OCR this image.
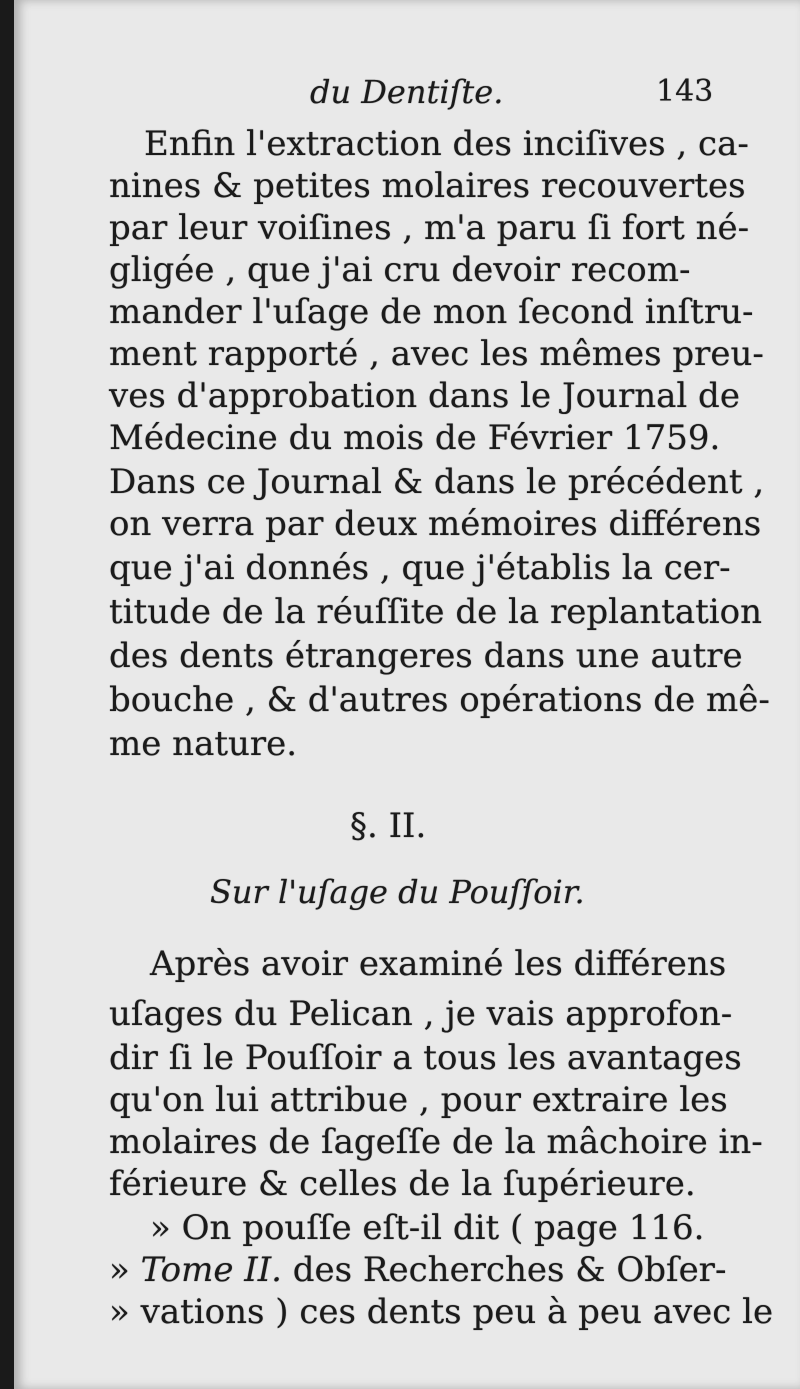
du Dentiſte.	143
Enfin l'extraction des inciſives , ca-
nines & petites molaires recouvertes
par leur voiſines , m'a paru ſi fort né-
gligée , que j'ai cru devoir recom-
mander l'uſage de mon ſecond inſtru-
ment rapporté , avec les mêmes preu-
ves d'approbation dans le Journal de
Médecine du mois de Février 1759.
Dans ce Journal & dans le précédent ,
on verra par deux mémoires différens
que j'ai donnés , que j'établis la cer-
titude de la réuſſite de la replantation
des dents étrangeres dans une autre
bouche , & d'autres opérations de mê-
me nature.
§. II.
Sur l'uſage du Pouſſoir.
Après avoir examiné les différens
uſages du Pelican , je vais approfon-
dir ſi le Pouſſoir a tous les avantages
qu'on lui attribue , pour extraire les
molaires de ſageſſe de la mâchoire in-
férieure & celles de la ſupérieure.
» On pouſſe eſt-il dit ( page 116.
» Tome II. des Recherches & Obſer-
» vations ) ces dents peu à peu avec le
